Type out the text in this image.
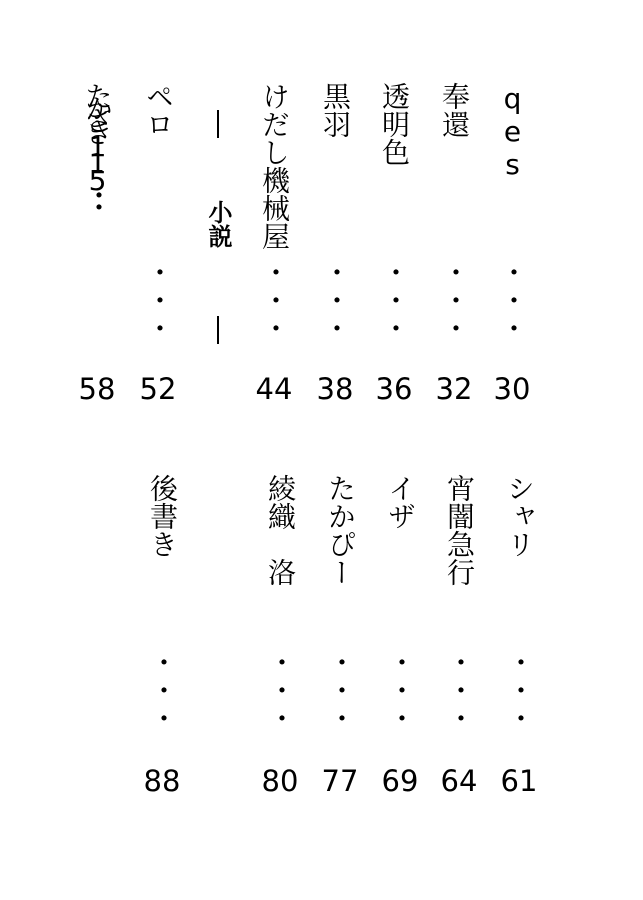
qes
・・・
30
奉還
・・・
32
透明色
・・・
36
黒羽
・・・
38
けだし機械屋
・・・
44
小説
ペロ
・・・
52
たかさき115・・
58
シャリ
・・・
61
宵闇急行
・・・
64
イザ
・・・
69
たかぴー
・・・
77
綾織　洛
・・・
80
後書き
・・・
88
